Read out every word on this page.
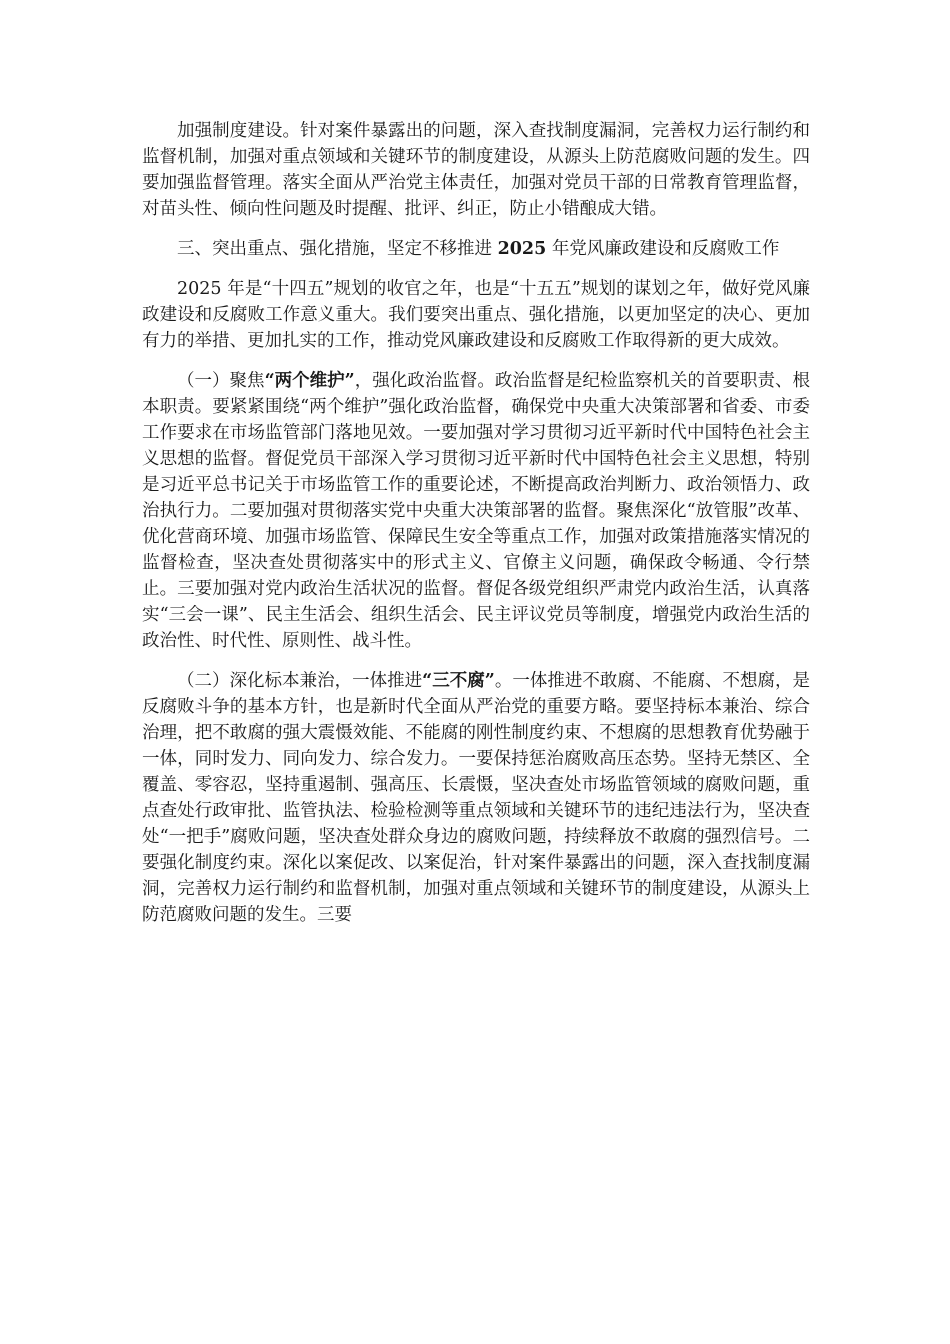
加强制度建设。针对案件暴露出的问题，深入查找制度漏洞，完善权力运行制约和监督机制，加强对重点领域和关键环节的制度建设，从源头上防范腐败问题的发生。四要加强监督管理。落实全面从严治党主体责任，加强对党员干部的日常教育管理监督，对苗头性、倾向性问题及时提醒、批评、纠正，防止小错酿成大错。

三、突出重点、强化措施，坚定不移推进 2025 年党风廉政建设和反腐败工作

2025 年是“十四五”规划的收官之年，也是“十五五”规划的谋划之年，做好党风廉政建设和反腐败工作意义重大。我们要突出重点、强化措施，以更加坚定的决心、更加有力的举措、更加扎实的工作，推动党风廉政建设和反腐败工作取得新的更大成效。

（一）聚焦“两个维护”，强化政治监督。政治监督是纪检监察机关的首要职责、根本职责。要紧紧围绕“两个维护”强化政治监督，确保党中央重大决策部署和省委、市委工作要求在市场监管部门落地见效。一要加强对学习贯彻习近平新时代中国特色社会主义思想的监督。督促党员干部深入学习贯彻习近平新时代中国特色社会主义思想，特别是习近平总书记关于市场监管工作的重要论述，不断提高政治判断力、政治领悟力、政治执行力。二要加强对贯彻落实党中央重大决策部署的监督。聚焦深化“放管服”改革、优化营商环境、加强市场监管、保障民生安全等重点工作，加强对政策措施落实情况的监督检查，坚决查处贯彻落实中的形式主义、官僚主义问题，确保政令畅通、令行禁止。三要加强对党内政治生活状况的监督。督促各级党组织严肃党内政治生活，认真落实“三会一课”、民主生活会、组织生活会、民主评议党员等制度，增强党内政治生活的政治性、时代性、原则性、战斗性。

（二）深化标本兼治，一体推进“三不腐”。一体推进不敢腐、不能腐、不想腐，是反腐败斗争的基本方针，也是新时代全面从严治党的重要方略。要坚持标本兼治、综合治理，把不敢腐的强大震慑效能、不能腐的刚性制度约束、不想腐的思想教育优势融于一体，同时发力、同向发力、综合发力。一要保持惩治腐败高压态势。坚持无禁区、全覆盖、零容忍，坚持重遏制、强高压、长震慑，坚决查处市场监管领域的腐败问题，重点查处行政审批、监管执法、检验检测等重点领域和关键环节的违纪违法行为，坚决查处“一把手”腐败问题，坚决查处群众身边的腐败问题，持续释放不敢腐的强烈信号。二要强化制度约束。深化以案促改、以案促治，针对案件暴露出的问题，深入查找制度漏洞，完善权力运行制约和监督机制，加强对重点领域和关键环节的制度建设，从源头上防范腐败问题的发生。三要
